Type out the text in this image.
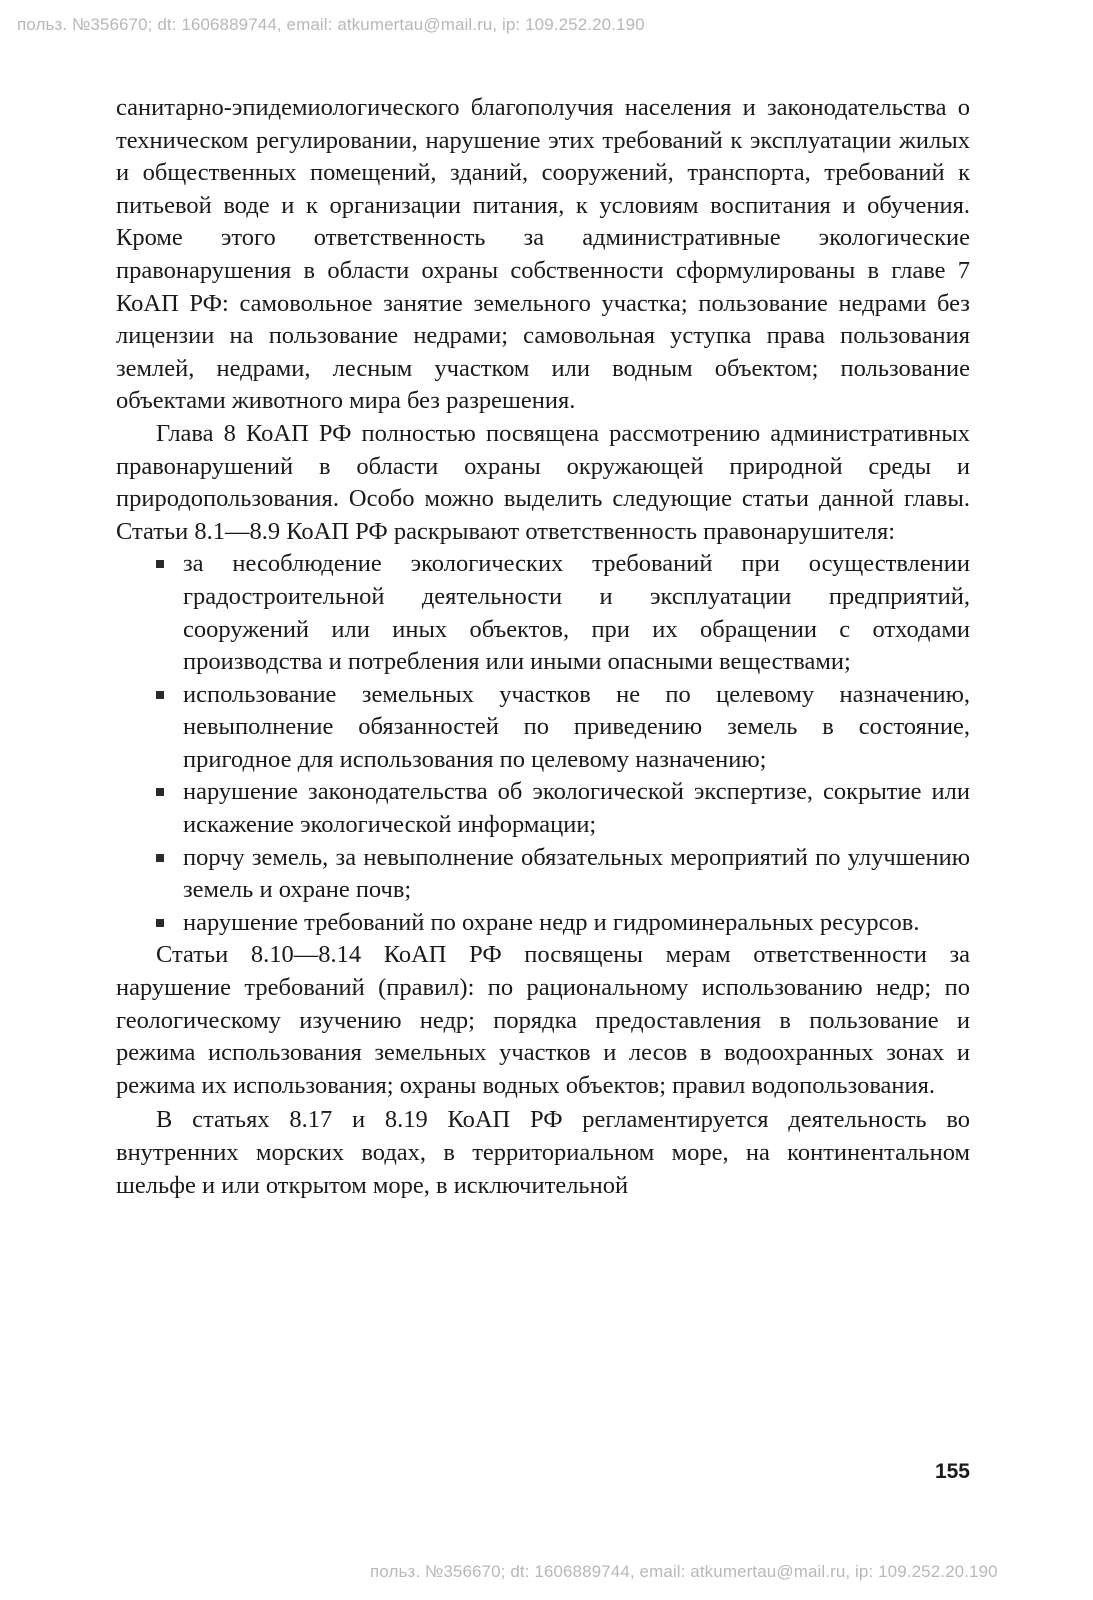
польз. №356670; dt: 1606889744, email: atkumertau@mail.ru, ip: 109.252.20.190

санитарно-эпидемиологического благополучия населения и законодательства о техническом регулировании, нарушение этих требований к эксплуатации жилых и общественных помещений, зданий, сооружений, транспорта, требований к питьевой воде и к организации питания, к условиям воспитания и обучения. Кроме этого ответственность за административные экологические правонарушения в области охраны собственности сформулированы в главе 7 КоАП РФ: самовольное занятие земельного участка; пользование недрами без лицензии на пользование недрами; самовольная уступка права пользования землей, недрами, лесным участком или водным объектом; пользование объектами животного мира без разрешения.

Глава 8 КоАП РФ полностью посвящена рассмотрению административных правонарушений в области охраны окружающей природной среды и природопользования. Особо можно выделить следующие статьи данной главы. Статьи 8.1—8.9 КоАП РФ раскрывают ответственность правонарушителя:

за несоблюдение экологических требований при осуществлении градостроительной деятельности и эксплуатации предприятий, сооружений или иных объектов, при их обращении с отходами производства и потребления или иными опасными веществами;
использование земельных участков не по целевому назначению, невыполнение обязанностей по приведению земель в состояние, пригодное для использования по целевому назначению;
нарушение законодательства об экологической экспертизе, сокрытие или искажение экологической информации;
порчу земель, за невыполнение обязательных мероприятий по улучшению земель и охране почв;
нарушение требований по охране недр и гидроминеральных ресурсов.

Статьи 8.10—8.14 КоАП РФ посвящены мерам ответственности за нарушение требований (правил): по рациональному использованию недр; по геологическому изучению недр; порядка предоставления в пользование и режима использования земельных участков и лесов в водоохранных зонах и режима их использования; охраны водных объектов; правил водопользования.

В статьях 8.17 и 8.19 КоАП РФ регламентируется деятельность во внутренних морских водах, в территориальном море, на континентальном шельфе и или открытом море, в исключительной

155
польз. №356670; dt: 1606889744, email: atkumertau@mail.ru, ip: 109.252.20.190
